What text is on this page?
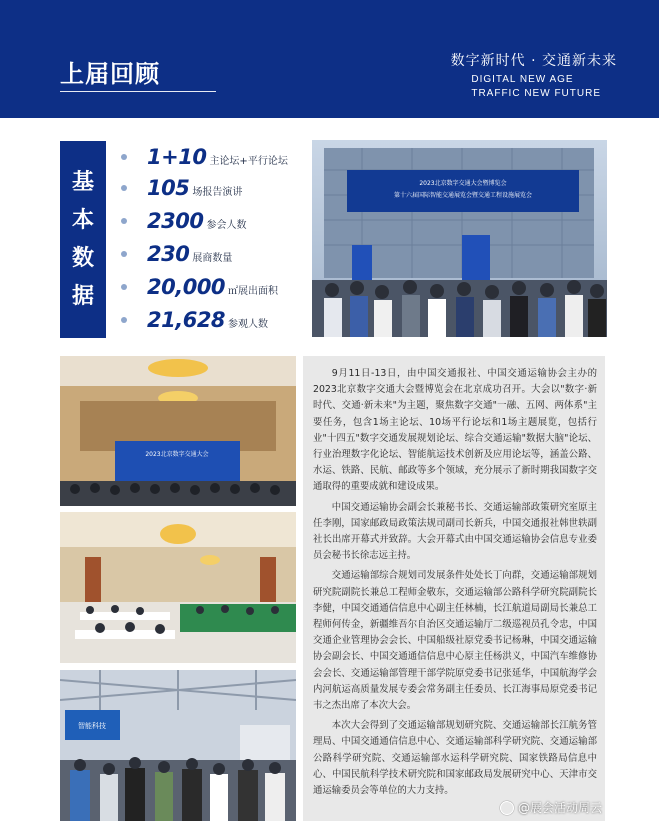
上届回顾	数字新时代 · 交通新未来
DIGITAL NEW AGE
TRAFFIC NEW FUTURE
基
本
数
据
1+10 主论坛+平行论坛
105 场报告演讲
2300 参会人数
230 展商数量
20,000 ㎡展出面积
21,628 参观人数
2023北京数字交通大会暨博览会
第十六届国际智能交通展览会暨交通工程设施展览会
2023北京数字交通大会
智能科技

9月11日-13日，由中国交通报社、中国交通运输协会主办的2023北京数字交通大会暨博览会在北京成功召开。大会以"数字·新时代、交通·新未来"为主题，聚焦数字交通"一融、五网、两体系"主要任务，包含1场主论坛、10场平行论坛和1场主题展览，包括行业"十四五"数字交通发展规划论坛、综合交通运输"数据大脑"论坛、行业治理数字化论坛、智能航运技术创新及应用论坛等，涵盖公路、水运、铁路、民航、邮政等多个领域，充分展示了新时期我国数字交通取得的重要成就和建设成果。

中国交通运输协会副会长兼秘书长、交通运输部政策研究室原主任李刚，国家邮政局政策法规司副司长新兵，中国交通报社韩世轶副社长出席开幕式并致辞。大会开幕式由中国交通运输协会信息专业委员会秘书长徐志远主持。

交通运输部综合规划司发展条件处处长丁向群，交通运输部规划研究院副院长兼总工程师金敬东，交通运输部公路科学研究院副院长李健，中国交通通信信息中心副主任林楠，长江航道局副局长兼总工程师何传金，新疆维吾尔自治区交通运输厅二级巡视员孔令忠，中国交通企业管理协会会长、中国船级社原党委书记杨琳，中国交通运输协会副会长、中国交通通信信息中心原主任杨洪义，中国汽车维修协会会长、交通运输部管理干部学院原党委书记张延华，中国航海学会内河航运高质量发展专委会常务副主任委员、长江海事局原党委书记韦之杰出席了本次大会。

本次大会得到了交通运输部规划研究院、交通运输部长江航务管理局、中国交通通信信息中心、交通运输部科学研究院、交通运输部公路科学研究院、交通运输部水运科学研究院、国家铁路局信息中心、中国民航科学技术研究院和国家邮政局发展研究中心、天津市交通运输委员会等单位的大力支持。

@展会活动周云
